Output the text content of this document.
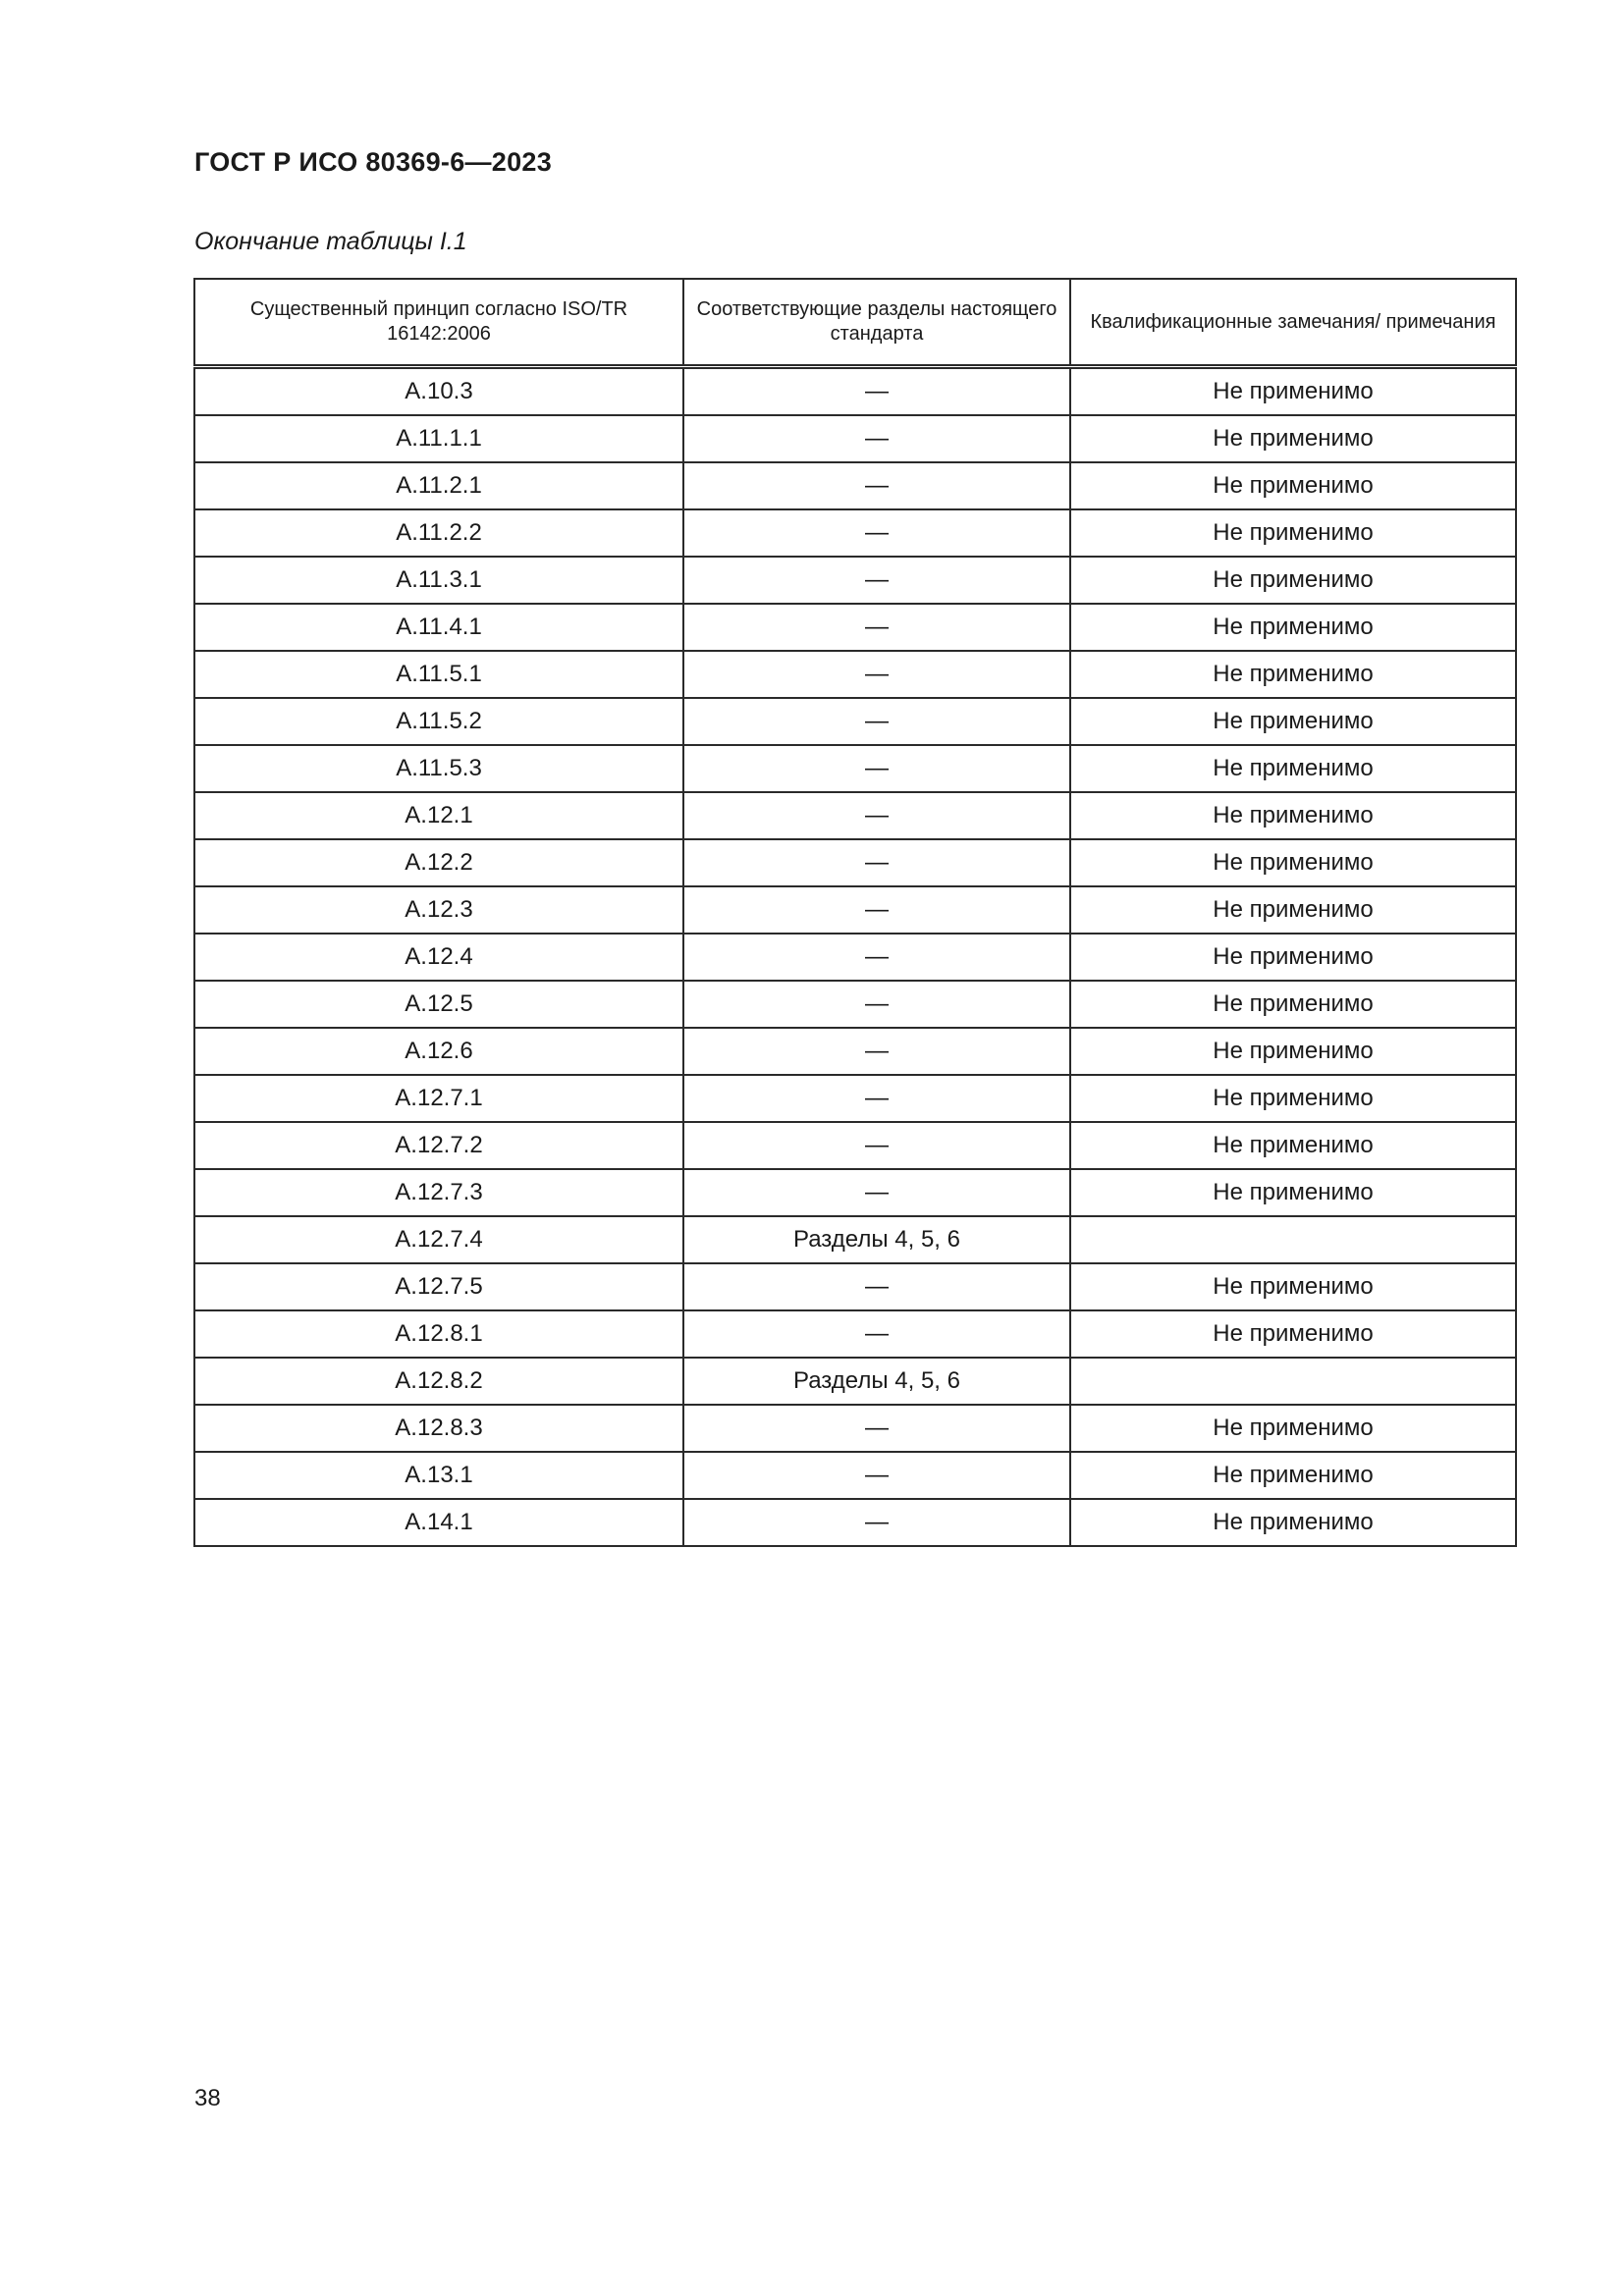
ГОСТ Р ИСО 80369-6—2023

Окончание таблицы I.1

Существенный принцип согласно ISO/TR 16142:2006	Соответствующие разделы настоящего стандарта	Квалификационные замечания/ примечания
А.10.3	—	Не применимо
А.11.1.1	—	Не применимо
А.11.2.1	—	Не применимо
А.11.2.2	—	Не применимо
А.11.3.1	—	Не применимо
А.11.4.1	—	Не применимо
А.11.5.1	—	Не применимо
А.11.5.2	—	Не применимо
А.11.5.3	—	Не применимо
А.12.1	—	Не применимо
А.12.2	—	Не применимо
А.12.3	—	Не применимо
А.12.4	—	Не применимо
А.12.5	—	Не применимо
А.12.6	—	Не применимо
А.12.7.1	—	Не применимо
А.12.7.2	—	Не применимо
А.12.7.3	—	Не применимо
А.12.7.4	Разделы 4, 5, 6	
А.12.7.5	—	Не применимо
А.12.8.1	—	Не применимо
А.12.8.2	Разделы 4, 5, 6	
А.12.8.3	—	Не применимо
А.13.1	—	Не применимо
А.14.1	—	Не применимо

38
